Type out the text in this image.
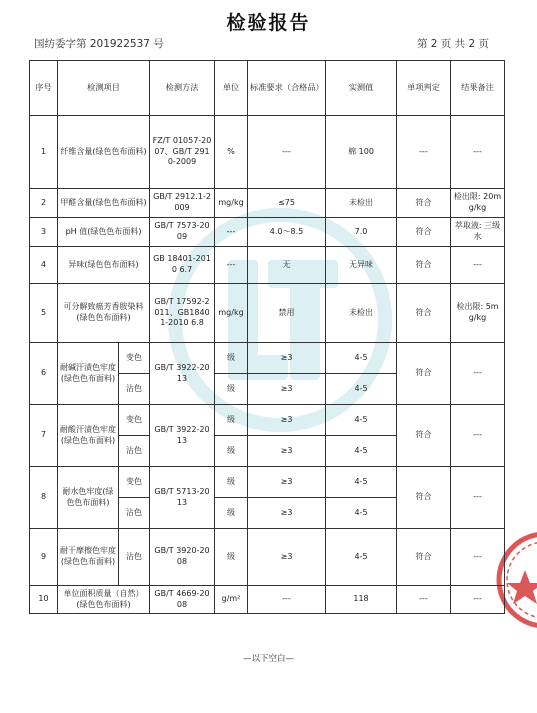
检验报告
国纺委字第 201922537 号	第 2 页 共 2 页
序号	检测项目		检测方法	单位	标准要求（合格品）	实测值	单项判定	结果备注
1	纤维含量(绿色色布面料)		FZ/T 01057-2007、GB/T 2910-2009	%	---	棉 100	---	---
2	甲醛含量(绿色色布面料)		GB/T 2912.1-2009	mg/kg	≤75	未检出	符合	检出限: 20mg/kg
3	pH 值(绿色色布面料)		GB/T 7573-2009	---	4.0～8.5	7.0	符合	萃取液: 三级水
4	异味(绿色色布面料)		GB 18401-2010 6.7	---	无	无异味	符合	---
5	可分解致癌芳香胺染料(绿色色布面料)		GB/T 17592-2011、GB18401-2010 6.8	mg/kg	禁用	未检出	符合	检出限: 5mg/kg
6	耐碱汗渍色牢度(绿色色布面料)	变色	GB/T 3922-2013	级	≥3	4-5	符合	---
		沾色		级	≥3	4-5		
7	耐酸汗渍色牢度(绿色色布面料)	变色	GB/T 3922-2013	级	≥3	4-5	符合	---
		沾色		级	≥3	4-5		
8	耐水色牢度(绿色色布面料)	变色	GB/T 5713-2013	级	≥3	4-5	符合	---
		沾色		级	≥3	4-5		
9	耐干摩擦色牢度(绿色色布面料)	沾色	GB/T 3920-2008	级	≥3	4-5	符合	---
10	单位面积质量（自然）(绿色色布面料)		GB/T 4669-2008	g/m²	---	118	---	---
—以下空白—
